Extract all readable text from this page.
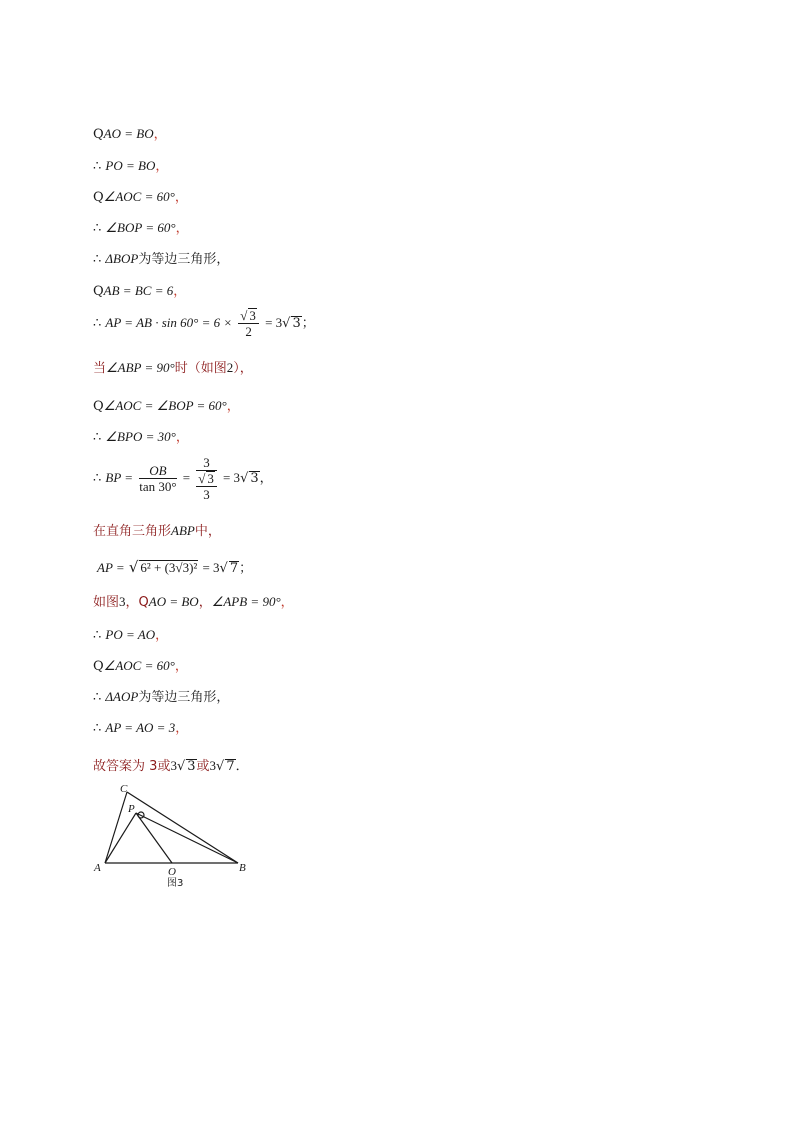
QAO = BO，
∴ PO = BO，
Q∠AOC = 60°，
∴ ∠BOP = 60°，
∴ ΔBOP为等边三角形，
QAB = BC = 6，
∴ AP = AB · $\sin 60^\circ = 6 \times \frac{√ 3}{2} = 3√$ 3；
当∠ABP = 90°时（如图2），
Q∠AOC = ∠BOP = 60°，
∴ ∠BPO = 30°，
∴ BP = $\frac{OB}{\tan 30^\circ} = \frac{3}{\frac{√ 3}{3}} = 3√$ 3，
在直角三角形ABP中，
AP = √ 6² + (3√3)² = 3√ 7；
如图3，QAO = BO，∠APB = 90°，
∴ PO = AO，
Q∠AOC = 60°，
∴ ΔAOP为等边三角形，
∴ AP = AO = 3，
故答案为 3或3√ 3或3√ 7．
C
P
A	O	B
图3
